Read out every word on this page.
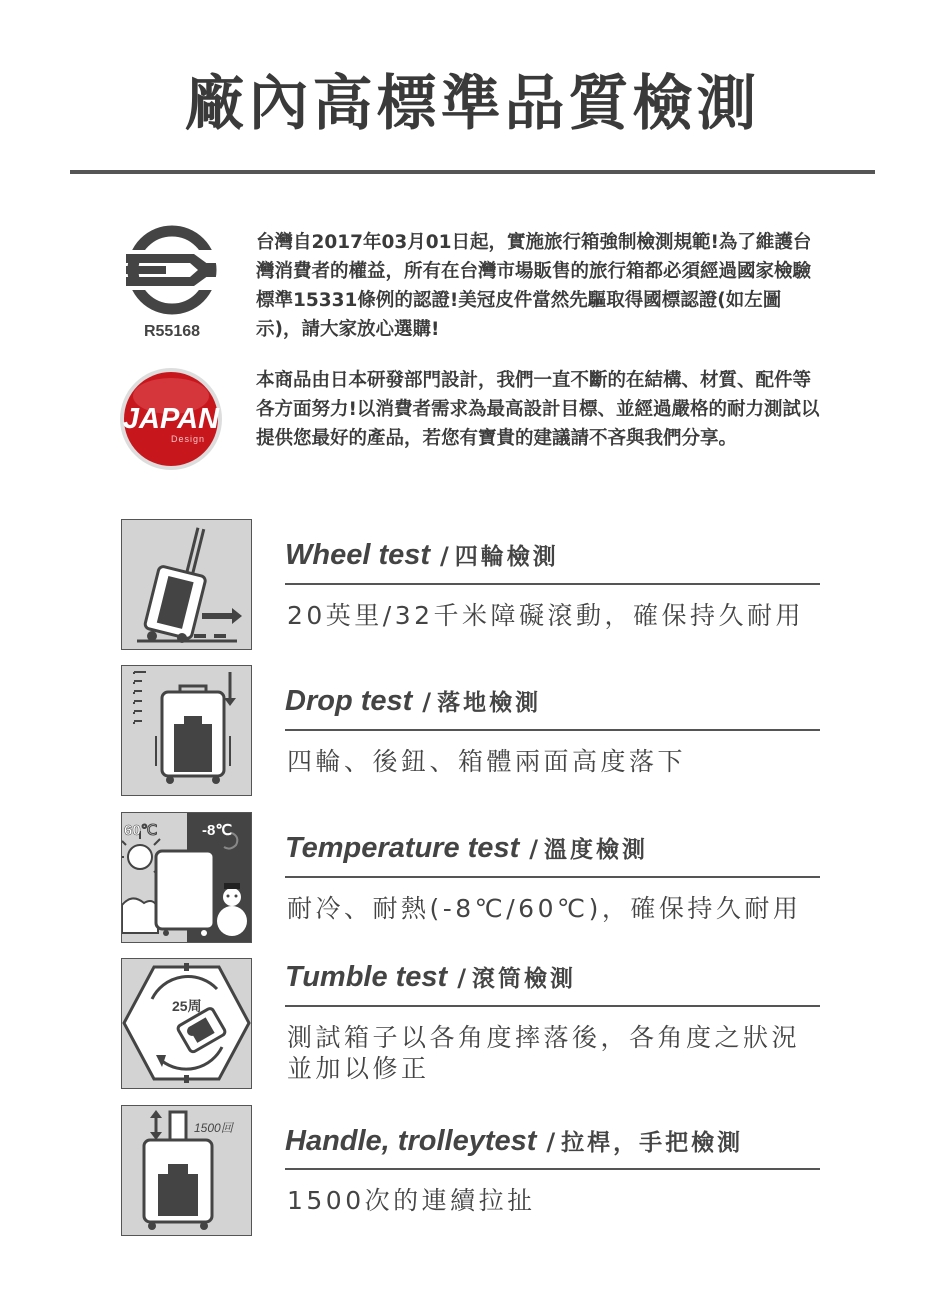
廠內高標準品質檢測
R55168
台灣自2017年03月01日起，實施旅行箱強制檢測規範!為了維護台灣消費者的權益，所有在台灣市場販售的旅行箱都必須經過國家檢驗標準15331條例的認證!美冠皮件當然先驅取得國標認證(如左圖示)，請大家放心選購!
JAPAN
Design
本商品由日本研發部門設計，我們一直不斷的在結構、材質、配件等各方面努力!以消費者需求為最高設計目標、並經過嚴格的耐力測試以提供您最好的產品，若您有寶貴的建議請不吝與我們分享。
Wheel test / 四輪檢測
20英里/32千米障礙滾動，確保持久耐用
Drop test / 落地檢測
四輪、後鈕、箱體兩面高度落下
60℃	-8℃
Temperature test / 溫度檢測
耐冷、耐熱(-8℃/60℃)，確保持久耐用
25周
Tumble test / 滾筒檢測
測試箱子以各角度摔落後，各角度之狀況並加以修正
1500回 Handle, trolleytest / 拉桿，手把檢測
1500次的連續拉扯
